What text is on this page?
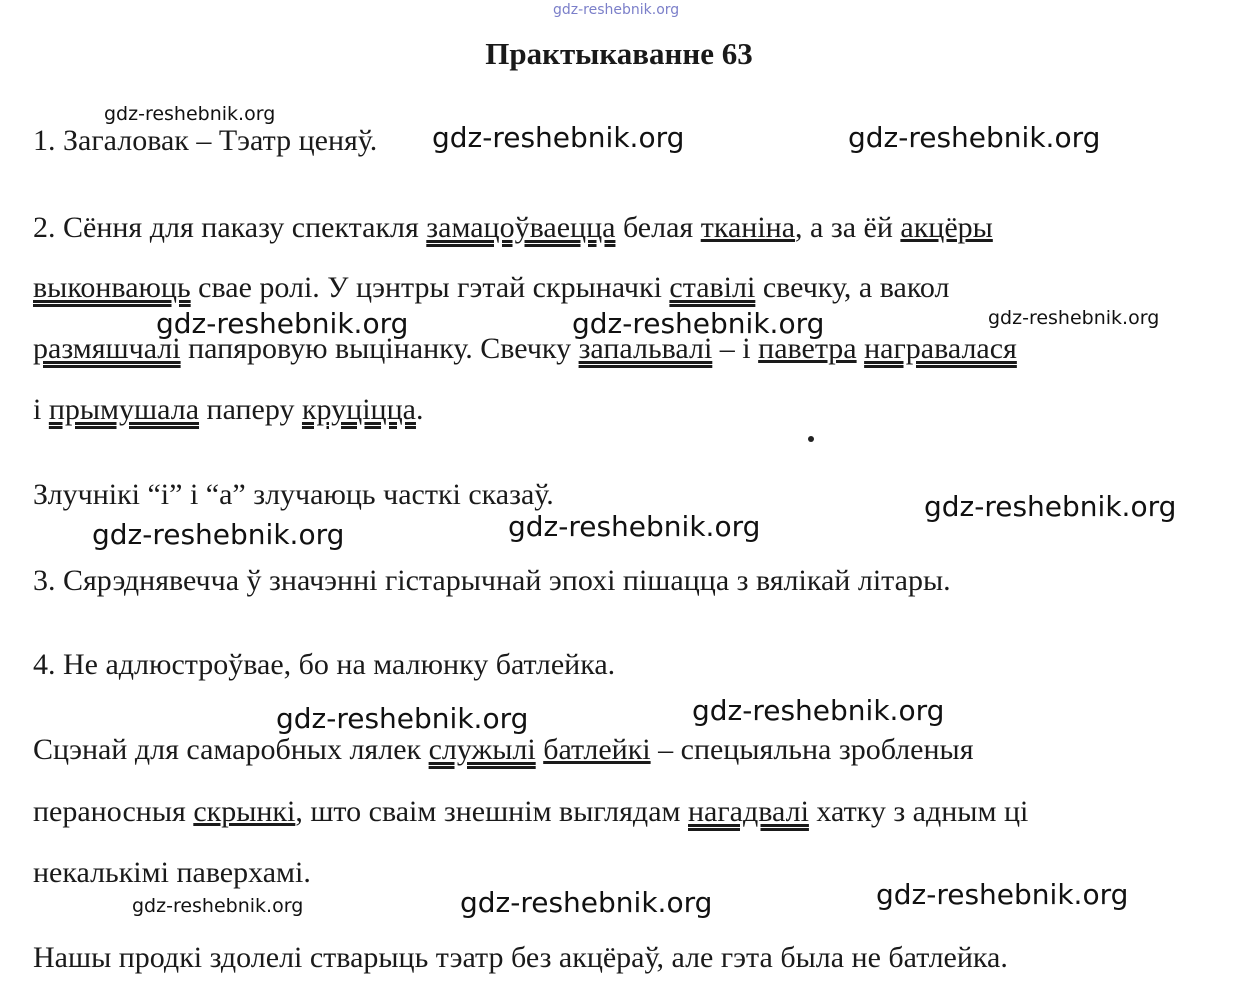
gdz-reshebnik.org
Практыкаванне 63
1. Загаловак – Тэатр ценяў.
2. Сёння для паказу спектакля замацоўваецца белая тканіна, а за ёй акцёры
выконваюць свае ролі. У цэнтры гэтай скрыначкі ставілі свечку, а вакол
размяшчалі папяровую выцінанку. Свечку запальвалі – і паветра награвалася
і прымушала паперу круціцца.
Злучнікі “і” і “а” злучаюць часткі сказаў.
3. Сярэднявечча ў значэнні гістарычнай эпохі пішацца з вялікай літары.
4. Не адлюстроўвае, бо на малюнку батлейка.
Сцэнай для самаробных лялек служылі батлейкі – спецыяльна зробленыя
пераносныя скрынкі, што сваім знешнім выглядам нагадвалі хатку з адным ці
некалькімі паверхамі.
Нашы продкі здолелі стварыць тэатр без акцёраў, але гэта была не батлейка.
gdz-reshebnik.org
gdz-reshebnik.org	gdz-reshebnik.org
gdz-reshebnik.org	gdz-reshebnik.org	gdz-reshebnik.org
gdz-reshebnik.org
gdz-reshebnik.org
gdz-reshebnik.org
gdz-reshebnik.org
gdz-reshebnik.org
gdz-reshebnik.org
gdz-reshebnik.org	gdz-reshebnik.org
